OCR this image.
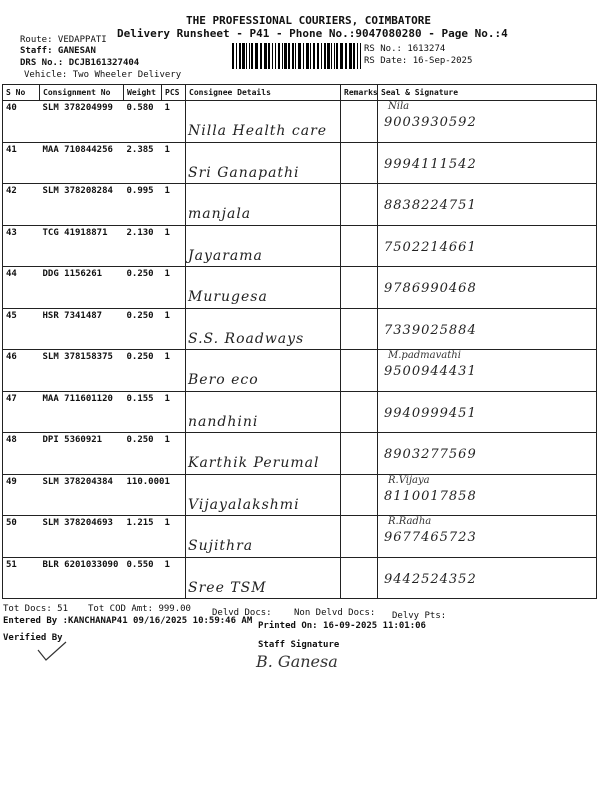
THE PROFESSIONAL COURIERS, COIMBATORE
Delivery Runsheet - P41 - Phone No.:9047080280 - Page No.:4
Route: VEDAPPATI
Staff: GANESAN
DRS No.: DCJB161327404
Vehicle: Two Wheeler Delivery
RS No.: 1613274
RS Date: 16-Sep-2025
S No	Consignment No	Weight	PCS	Consignee Details	Remarks	Seal & Signature
40	SLM 378204999	0.580	1	Nilla Health care		Nila
9003930592

41	MAA 710844256	2.385	1	Sri Ganapathi		9994111542

42	SLM 378208284	0.995	1	manjala		8838224751

43	TCG 41918871	2.130	1	Jayarama		7502214661

44	DDG 1156261	0.250	1	Murugesa		9786990468

45	HSR 7341487	0.250	1	S.S. Roadways		7339025884

46	SLM 378158375	0.250	1	Bero eco		M.padmavathi
9500944431

47	MAA 711601120	0.155	1	nandhini		9940999451

48	DPI 5360921	0.250	1	Karthik Perumal		8903277569

49	SLM 378204384	110.000	1	Vijayalakshmi		R.Vijaya
8110017858

50	SLM 378204693	1.215	1	Sujithra		R.Radha
9677465723

51	BLR 6201033090	0.550	1	Sree TSM		9442524352
Tot Docs: 51 Tot COD Amt: 999.00 Delvd Docs: Non Delvd Docs: Delvy Pts:
Entered By :KANCHANAP41 09/16/2025 10:59:46 AM Printed On: 16-09-2025 11:01:06
Verified By
Staff Signature
B. Ganesa
